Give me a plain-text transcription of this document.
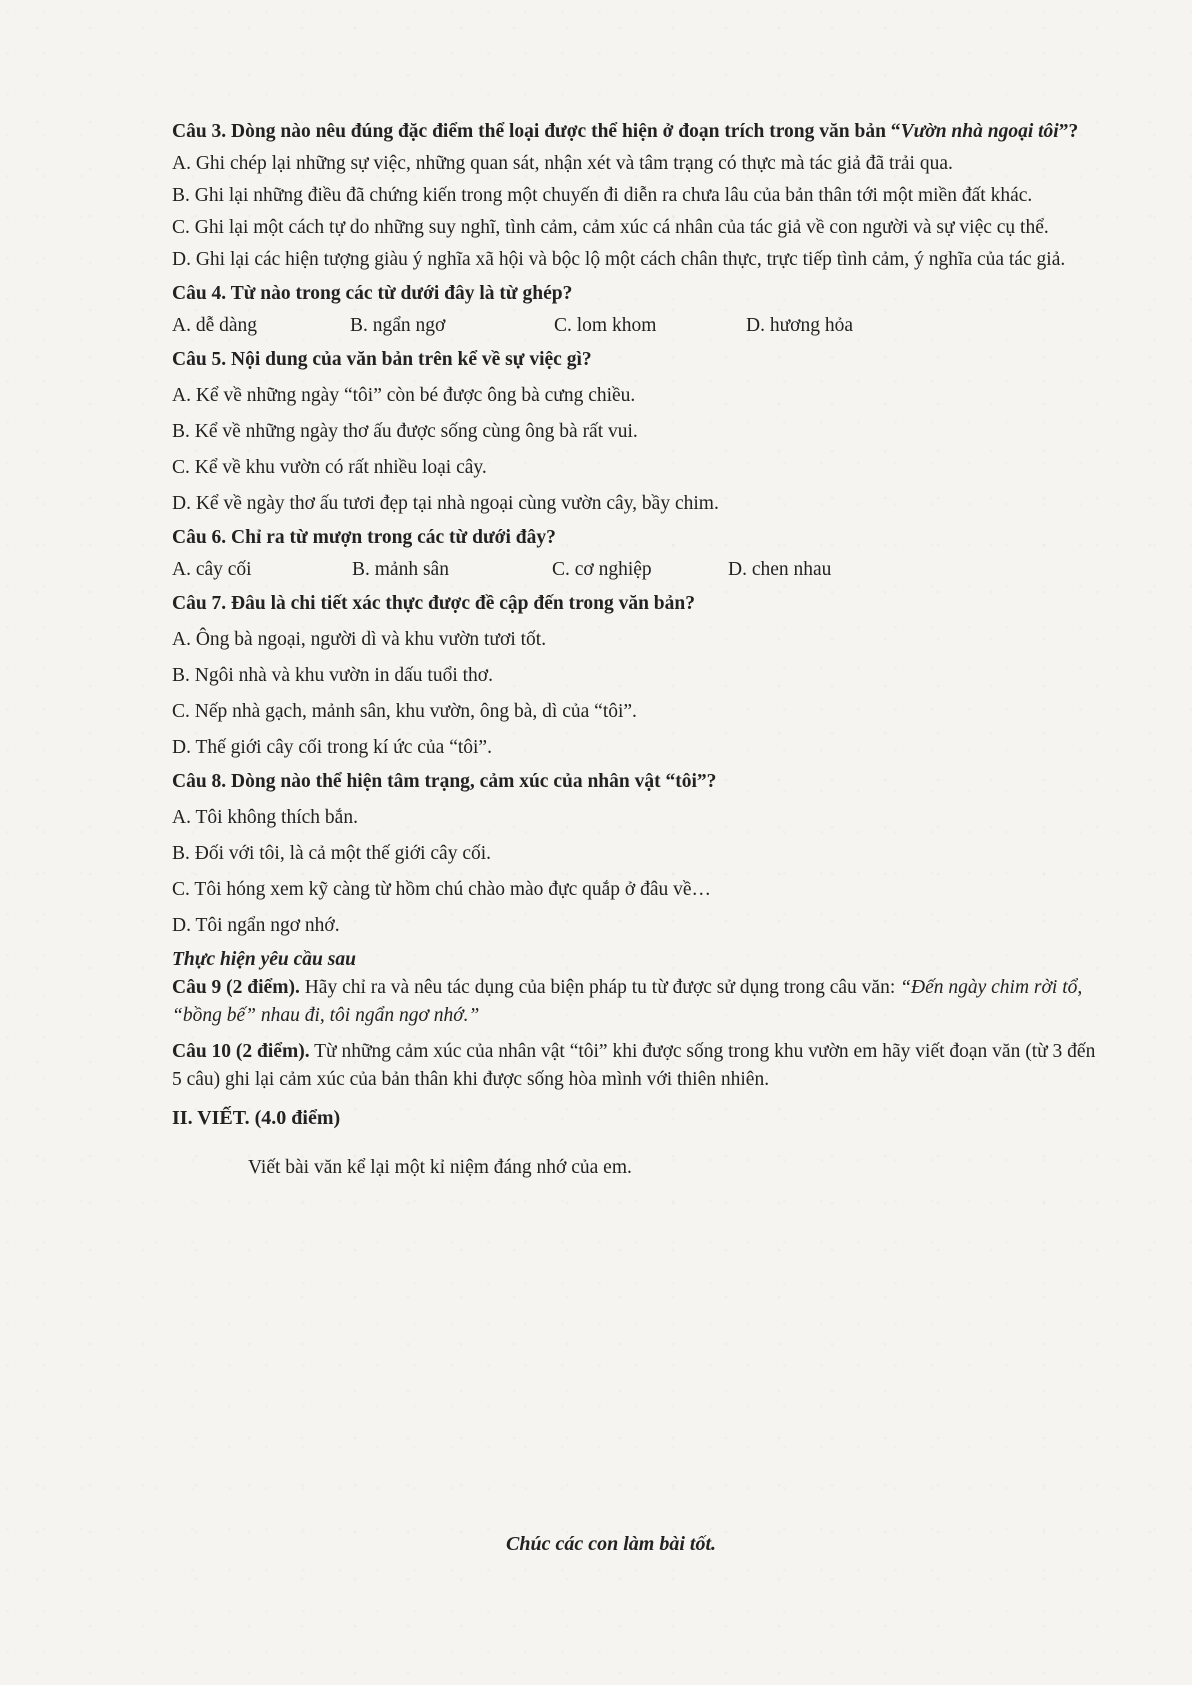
Câu 3. Dòng nào nêu đúng đặc điểm thể loại được thể hiện ở đoạn trích trong văn bản “Vườn nhà ngoại tôi”?
A. Ghi chép lại những sự việc, những quan sát, nhận xét và tâm trạng có thực mà tác giả đã trải qua.
B. Ghi lại những điều đã chứng kiến trong một chuyến đi diễn ra chưa lâu của bản thân tới một miền đất khác.
C. Ghi lại một cách tự do những suy nghĩ, tình cảm, cảm xúc cá nhân của tác giả về con người và sự việc cụ thể.
D. Ghi lại các hiện tượng giàu ý nghĩa xã hội và bộc lộ một cách chân thực, trực tiếp tình cảm, ý nghĩa của tác giả.
Câu 4. Từ nào trong các từ dưới đây là từ ghép?
A. dễ dàng	B. ngẩn ngơ	C. lom khom	D. hương hỏa
Câu 5. Nội dung của văn bản trên kể về sự việc gì?
A. Kể về những ngày “tôi” còn bé được ông bà cưng chiều.
B. Kể về những ngày thơ ấu được sống cùng ông bà rất vui.
C. Kể về khu vườn có rất nhiều loại cây.
D. Kể về ngày thơ ấu tươi đẹp tại nhà ngoại cùng vườn cây, bầy chim.
Câu 6. Chỉ ra từ mượn trong các từ dưới đây?
A. cây cối	B. mảnh sân	C. cơ nghiệp	D. chen nhau
Câu 7. Đâu là chi tiết xác thực được đề cập đến trong văn bản?
A. Ông bà ngoại, người dì và khu vườn tươi tốt.
B. Ngôi nhà và khu vườn in dấu tuổi thơ.
C. Nếp nhà gạch, mảnh sân, khu vườn, ông bà, dì của “tôi”.
D. Thế giới cây cối trong kí ức của “tôi”.
Câu 8. Dòng nào thể hiện tâm trạng, cảm xúc của nhân vật “tôi”?
A. Tôi không thích bắn.
B. Đối với tôi, là cả một thế giới cây cối.
C. Tôi hóng xem kỹ càng từ hồm chú chào mào đực quắp ở đâu về…
D. Tôi ngẩn ngơ nhớ.
Thực hiện yêu cầu sau
Câu 9 (2 điểm). Hãy chỉ ra và nêu tác dụng của biện pháp tu từ được sử dụng trong câu văn: “Đến ngày chim rời tổ, “bồng bế” nhau đi, tôi ngẩn ngơ nhớ.”
Câu 10 (2 điểm). Từ những cảm xúc của nhân vật “tôi” khi được sống trong khu vườn em hãy viết đoạn văn (từ 3 đến 5 câu) ghi lại cảm xúc của bản thân khi được sống hòa mình với thiên nhiên.
II. VIẾT. (4.0 điểm)
Viết bài văn kể lại một kỉ niệm đáng nhớ của em.
Chúc các con làm bài tốt.
